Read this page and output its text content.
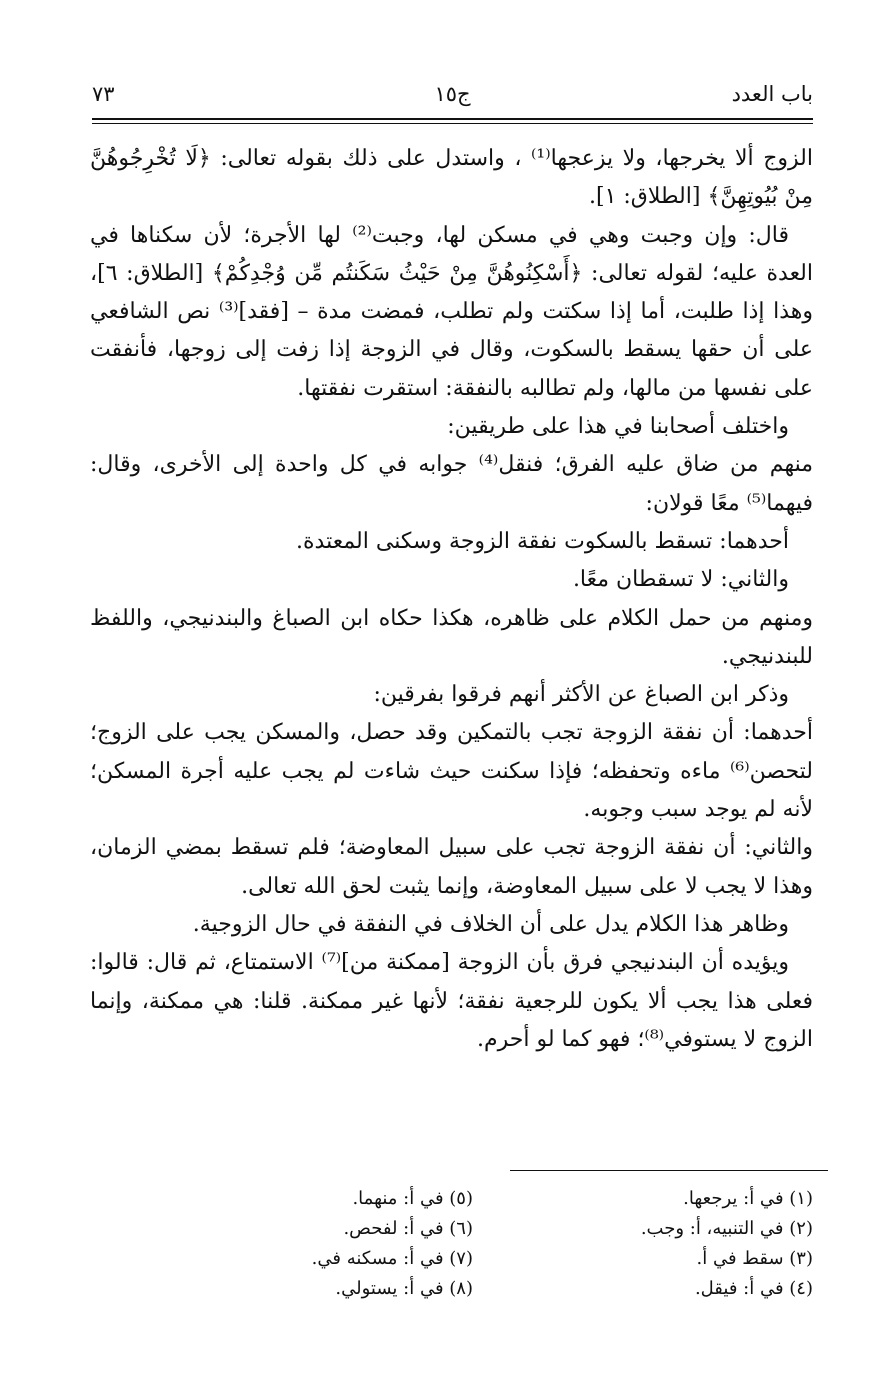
باب العدد
ج١٥
٧٣

الزوج ألا يخرجها، ولا يزعجها⁽¹⁾ ، واستدل على ذلك بقوله تعالى: ﴿لَا تُخْرِجُوهُنَّ مِنْ بُيُوتِهِنَّ﴾ [الطلاق: ١].

قال: وإن وجبت وهي في مسكن لها، وجبت⁽²⁾ لها الأجرة؛ لأن سكناها في العدة عليه؛ لقوله تعالى: ﴿أَسْكِنُوهُنَّ مِنْ حَيْثُ سَكَنتُم مِّن وُجْدِكُمْ﴾ [الطلاق: ٦]، وهذا إذا طلبت، أما إذا سكتت ولم تطلب، فمضت مدة – [فقد]⁽³⁾ نص الشافعي على أن حقها يسقط بالسكوت، وقال في الزوجة إذا زفت إلى زوجها، فأنفقت على نفسها من مالها، ولم تطالبه بالنفقة: استقرت نفقتها.

واختلف أصحابنا في هذا على طريقين:

منهم من ضاق عليه الفرق؛ فنقل⁽⁴⁾ جوابه في كل واحدة إلى الأخرى، وقال: فيهما⁽⁵⁾ معًا قولان:

أحدهما: تسقط بالسكوت نفقة الزوجة وسكنى المعتدة.

والثاني: لا تسقطان معًا.

ومنهم من حمل الكلام على ظاهره، هكذا حكاه ابن الصباغ والبندنيجي، واللفظ للبندنيجي.

وذكر ابن الصباغ عن الأكثر أنهم فرقوا بفرقين:

أحدهما: أن نفقة الزوجة تجب بالتمكين وقد حصل، والمسكن يجب على الزوج؛ لتحصن⁽⁶⁾ ماءه وتحفظه؛ فإذا سكنت حيث شاءت لم يجب عليه أجرة المسكن؛ لأنه لم يوجد سبب وجوبه.

والثاني: أن نفقة الزوجة تجب على سبيل المعاوضة؛ فلم تسقط بمضي الزمان، وهذا لا يجب لا على سبيل المعاوضة، وإنما يثبت لحق الله تعالى.

وظاهر هذا الكلام يدل على أن الخلاف في النفقة في حال الزوجية.

ويؤيده أن البندنيجي فرق بأن الزوجة [ممكنة من]⁽⁷⁾ الاستمتاع، ثم قال: قالوا: فعلى هذا يجب ألا يكون للرجعية نفقة؛ لأنها غير ممكنة. قلنا: هي ممكنة، وإنما الزوج لا يستوفي⁽⁸⁾؛ فهو كما لو أحرم.

(١) في أ: يرجعها.
(٢) في التنبيه، أ: وجب.
(٣) سقط في أ.
(٤) في أ: فيقل.
(٥) في أ: منهما.
(٦) في أ: لفحص.
(٧) في أ: مسكنه في.
(٨) في أ: يستولي.
